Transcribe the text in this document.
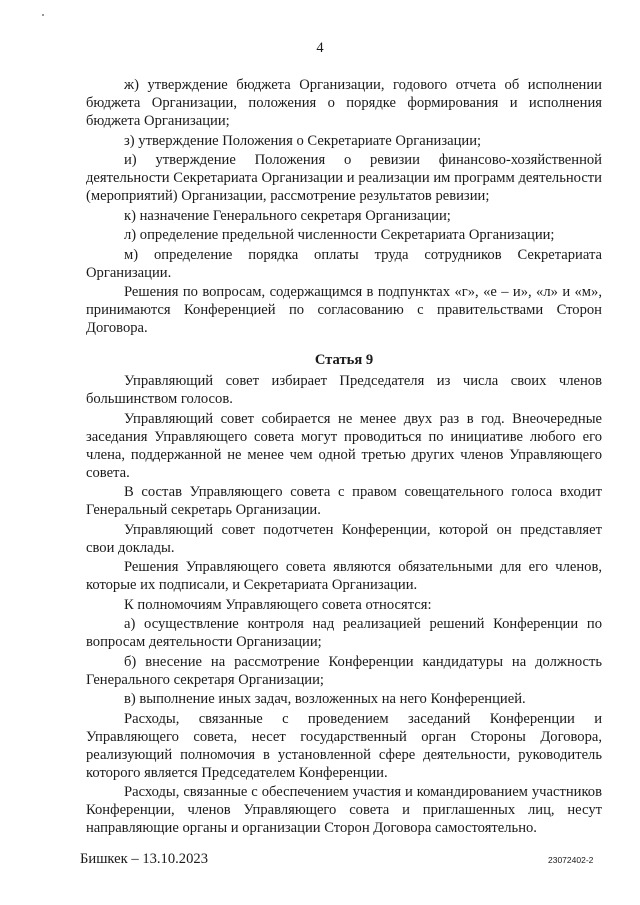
4

ж) утверждение бюджета Организации, годового отчета об исполнении бюджета Организации, положения о порядке формирования и исполнения бюджета Организации;

з) утверждение Положения о Секретариате Организации;

и) утверждение Положения о ревизии финансово-хозяйственной деятельности Секретариата Организации и реализации им программ деятельности (мероприятий) Организации, рассмотрение результатов ревизии;

к) назначение Генерального секретаря Организации;

л) определение предельной численности Секретариата Организации;

м) определение порядка оплаты труда сотрудников Секретариата Организации.

Решения по вопросам, содержащимся в подпунктах «г», «е – и», «л» и «м», принимаются Конференцией по согласованию с правительствами Сторон Договора.

Статья 9

Управляющий совет избирает Председателя из числа своих членов большинством голосов.

Управляющий совет собирается не менее двух раз в год. Внеочередные заседания Управляющего совета могут проводиться по инициативе любого его члена, поддержанной не менее чем одной третью других членов Управляющего совета.

В состав Управляющего совета с правом совещательного голоса входит Генеральный секретарь Организации.

Управляющий совет подотчетен Конференции, которой он представляет свои доклады.

Решения Управляющего совета являются обязательными для его членов, которые их подписали, и Секретариата Организации.

К полномочиям Управляющего совета относятся:

а) осуществление контроля над реализацией решений Конференции по вопросам деятельности Организации;

б) внесение на рассмотрение Конференции кандидатуры на должность Генерального секретаря Организации;

в) выполнение иных задач, возложенных на него Конференцией.

Расходы, связанные с проведением заседаний Конференции и Управляющего совета, несет государственный орган Стороны Договора, реализующий полномочия в установленной сфере деятельности, руководитель которого является Председателем Конференции.

Расходы, связанные с обеспечением участия и командированием участников Конференции, членов Управляющего совета и приглашенных лиц, несут направляющие органы и организации Сторон Договора самостоятельно.

Бишкек – 13.10.2023	23072402-2
